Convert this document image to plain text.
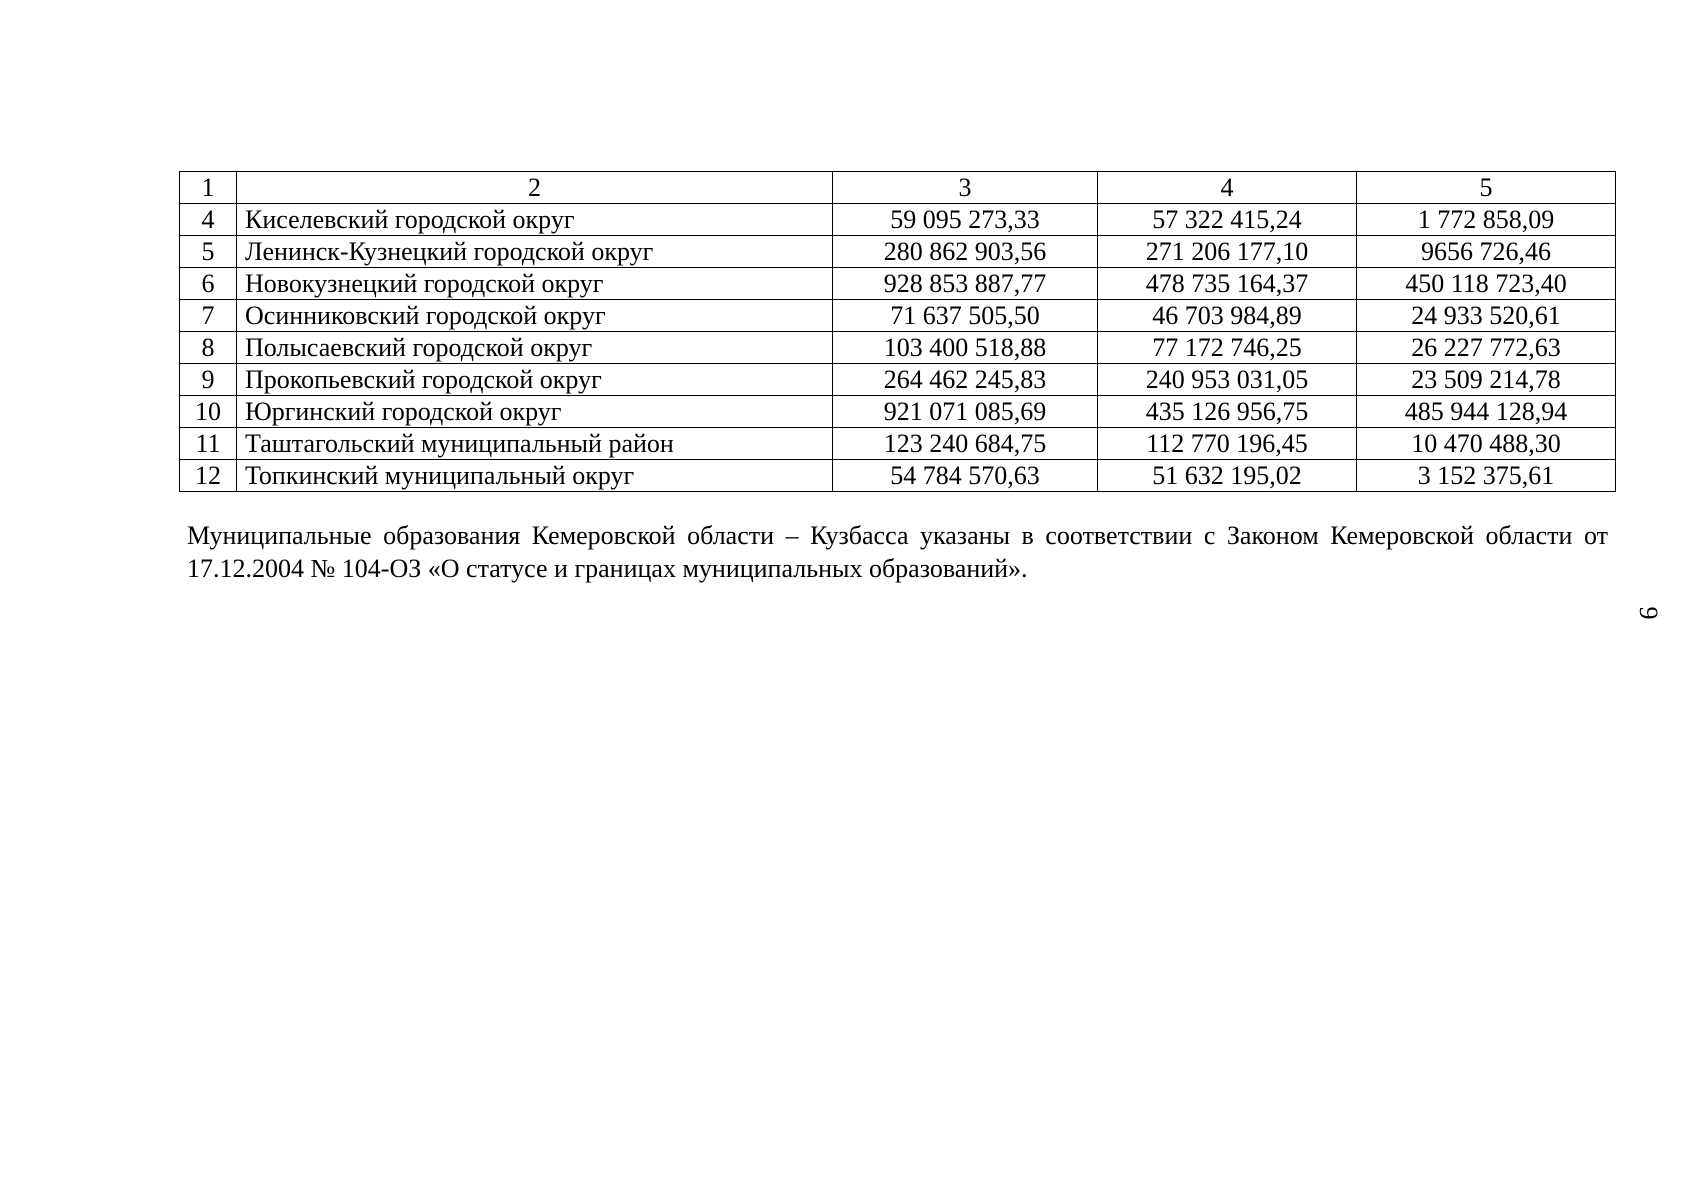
1	2	3	4	5
4	Киселевский городской округ	59 095 273,33	57 322 415,24	1 772 858,09
5	Ленинск-Кузнецкий городской округ	280 862 903,56	271 206 177,10	9656 726,46
6	Новокузнецкий городской округ	928 853 887,77	478 735 164,37	450 118 723,40
7	Осинниковский городской округ	71 637 505,50	46 703 984,89	24 933 520,61
8	Полысаевский городской округ	103 400 518,88	77 172 746,25	26 227 772,63
9	Прокопьевский городской округ	264 462 245,83	240 953 031,05	23 509 214,78
10	Юргинский городской округ	921 071 085,69	435 126 956,75	485 944 128,94
11	Таштагольский муниципальный район	123 240 684,75	112 770 196,45	10 470 488,30
12	Топкинский муниципальный округ	54 784 570,63	51 632 195,02	3 152 375,61

Муниципальные образования Кемеровской области – Кузбасса указаны в соответствии с Законом Кемеровской области от 17.12.2004 № 104-ОЗ «О статусе и границах муниципальных образований».

9
